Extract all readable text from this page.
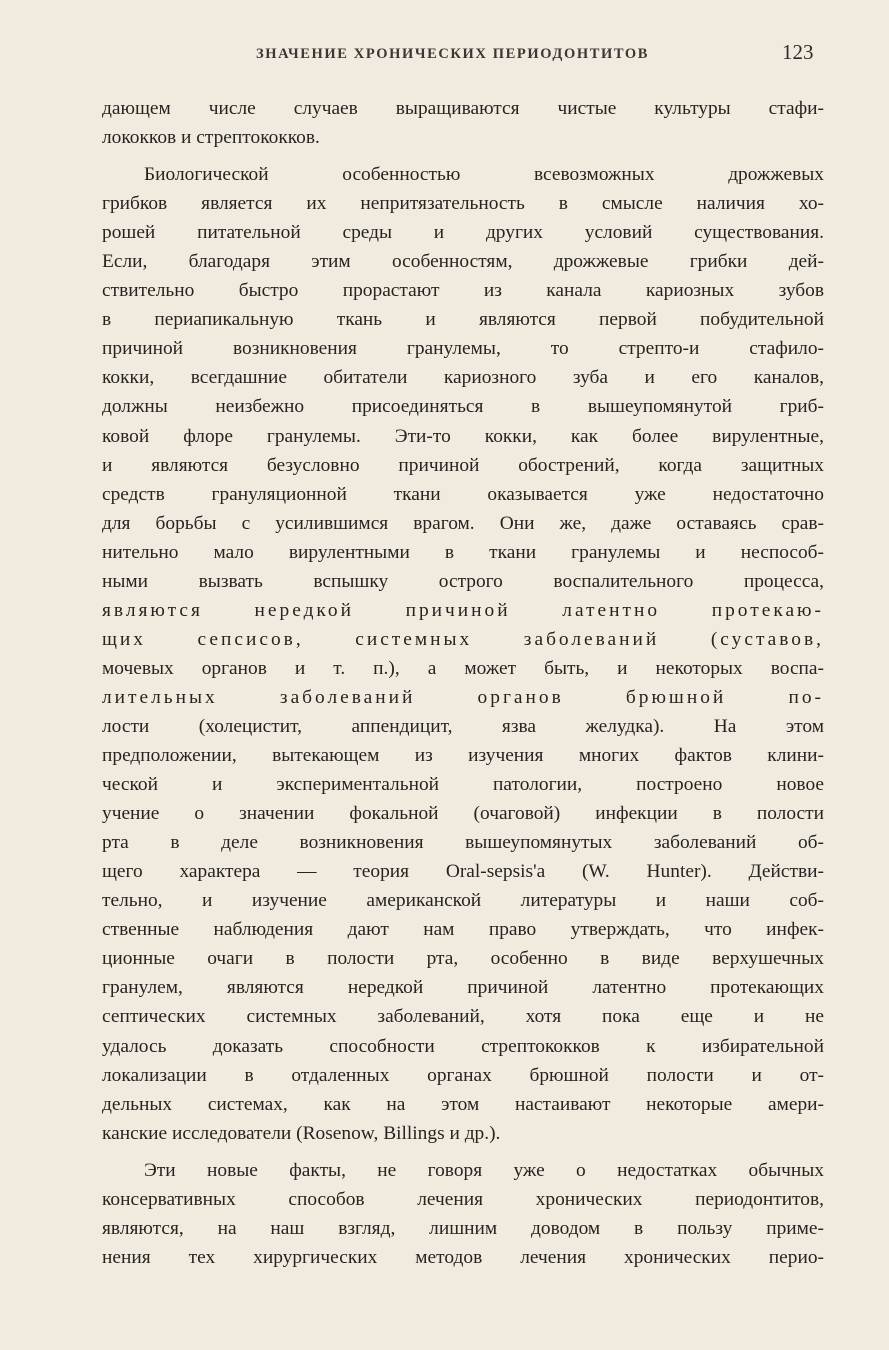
ЗНАЧЕНИЕ ХРОНИЧЕСКИХ ПЕРИОДОНТИТОВ	123
дающем числе случаев выращиваются чистые культуры стафи-
лококков и стрептококков.
Биологической особенностью всевозможных дрожжевых
грибков является их непритязательность в смысле наличия хо-
рошей питательной среды и других условий существования.
Если, благодаря этим особенностям, дрожжевые грибки дей-
ствительно быстро прорастают из канала кариозных зубов
в периапикальную ткань и являются первой побудительной
причиной возникновения гранулемы, то стрепто-и стафило-
кокки, всегдашние обитатели кариозного зуба и его каналов,
должны неизбежно присоединяться в вышеупомянутой гриб-
ковой флоре гранулемы. Эти-то кокки, как более вирулентные,
и являются безусловно причиной обострений, когда защитных
средств грануляционной ткани оказывается уже недостаточно
для борьбы с усилившимся врагом. Они же, даже оставаясь срав-
нительно мало вирулентными в ткани гранулемы и неспособ-
ными вызвать вспышку острого воспалительного процесса,
являются нередкой причиной латентно протекаю-
щих сепсисов, системных заболеваний (суставов,
мочевых органов и т. п.), а может быть, и некоторых воспа-
лительных заболеваний органов брюшной по-
лости (холецистит, аппендицит, язва желудка). На этом
предположении, вытекающем из изучения многих фактов клини-
ческой и экспериментальной патологии, построено новое
учение о значении фокальной (очаговой) инфекции в полости
рта в деле возникновения вышеупомянутых заболеваний об-
щего характера — теория Oral-sepsis'a (W. Hunter). Действи-
тельно, и изучение американской литературы и наши соб-
ственные наблюдения дают нам право утверждать, что инфек-
ционные очаги в полости рта, особенно в виде верхушечных
гранулем, являются нередкой причиной латентно протекающих
септических системных заболеваний, хотя пока еще и не
удалось доказать способности стрептококков к избирательной
локализации в отдаленных органах брюшной полости и от-
дельных системах, как на этом настаивают некоторые амери-
канские исследователи (Rosenow, Billings и др.).
Эти новые факты, не говоря уже о недостатках обычных
консервативных способов лечения хронических периодонтитов,
являются, на наш взгляд, лишним доводом в пользу приме-
нения тех хирургических методов лечения хронических перио-
